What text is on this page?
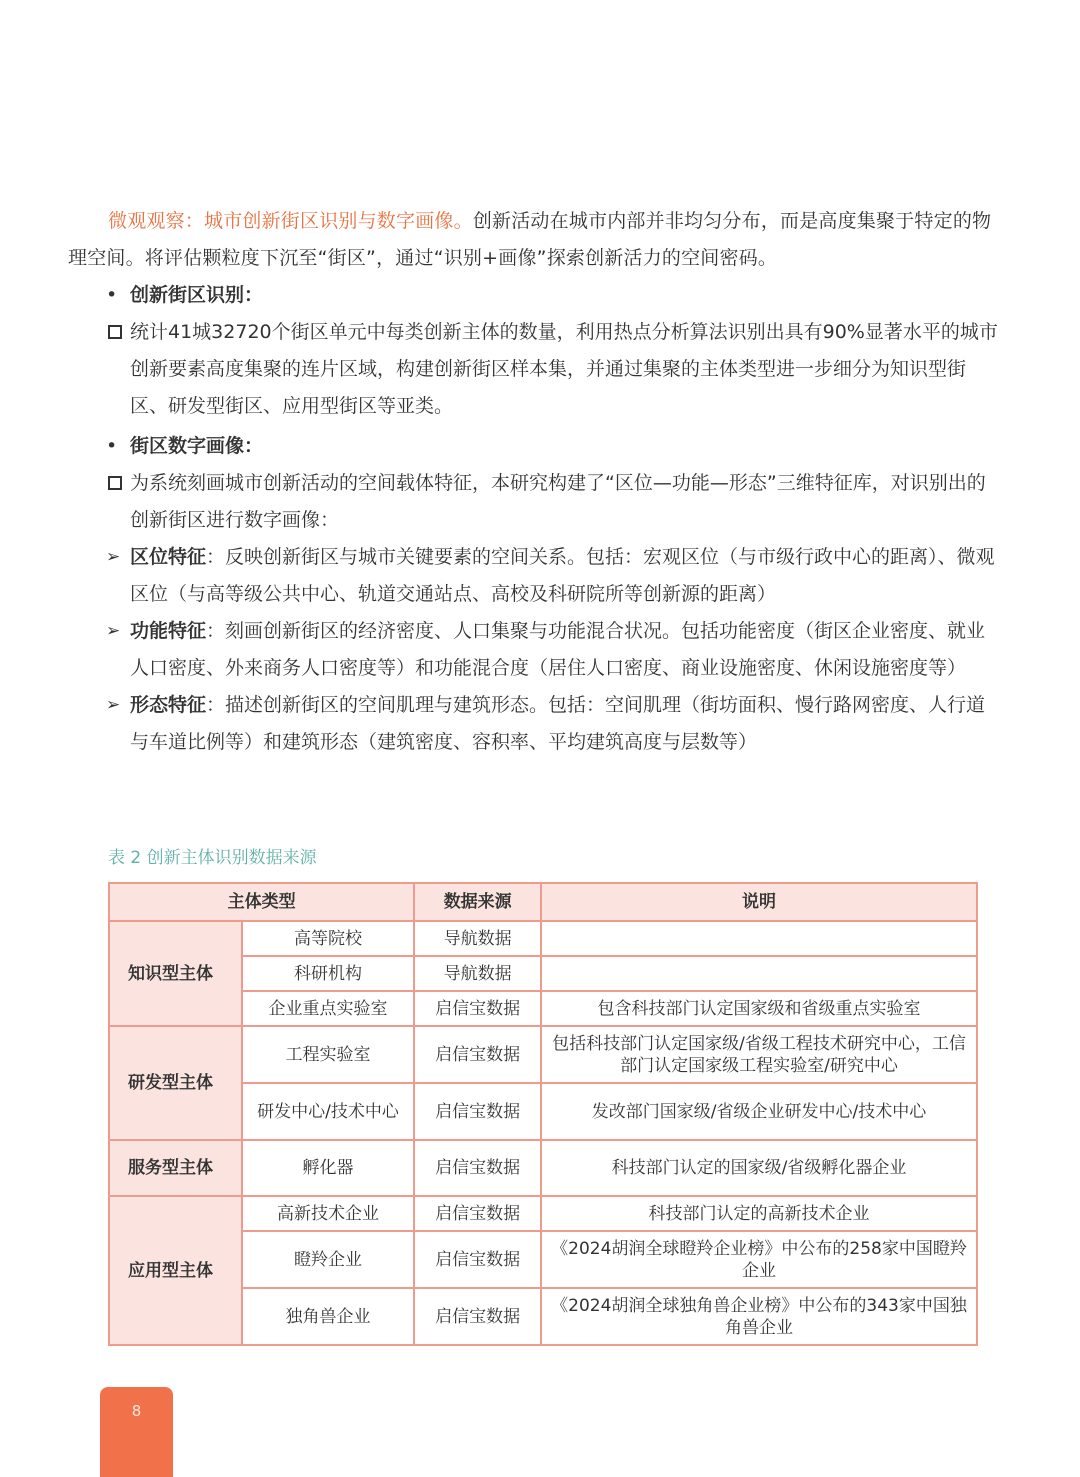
微观观察：城市创新街区识别与数字画像。创新活动在城市内部并非均匀分布，而是高度集聚于特定的物理空间。将评估颗粒度下沉至“街区”，通过“识别+画像”探索创新活力的空间密码。

• 创新街区识别：

统计41城32720个街区单元中每类创新主体的数量，利用热点分析算法识别出具有90%显著水平的城市创新要素高度集聚的连片区域，构建创新街区样本集，并通过集聚的主体类型进一步细分为知识型街区、研发型街区、应用型街区等亚类。

• 街区数字画像：

为系统刻画城市创新活动的空间载体特征，本研究构建了“区位—功能—形态”三维特征库，对识别出的创新街区进行数字画像：

➢ 区位特征：反映创新街区与城市关键要素的空间关系。包括：宏观区位（与市级行政中心的距离）、微观区位（与高等级公共中心、轨道交通站点、高校及科研院所等创新源的距离）

➢ 功能特征：刻画创新街区的经济密度、人口集聚与功能混合状况。包括功能密度（街区企业密度、就业人口密度、外来商务人口密度等）和功能混合度（居住人口密度、商业设施密度、休闲设施密度等）

➢ 形态特征：描述创新街区的空间肌理与建筑形态。包括：空间肌理（街坊面积、慢行路网密度、人行道与车道比例等）和建筑形态（建筑密度、容积率、平均建筑高度与层数等）

表 2 创新主体识别数据来源
主体类型		数据来源	说明
知识型主体	高等院校	导航数据	
	科研机构	导航数据	
	企业重点实验室	启信宝数据	包含科技部门认定国家级和省级重点实验室
研发型主体	工程实验室	启信宝数据	包括科技部门认定国家级/省级工程技术研究中心，工信部门认定国家级工程实验室/研究中心
	研发中心/技术中心	启信宝数据	发改部门国家级/省级企业研发中心/技术中心
服务型主体	孵化器	启信宝数据	科技部门认定的国家级/省级孵化器企业
应用型主体	高新技术企业	启信宝数据	科技部门认定的高新技术企业
	瞪羚企业	启信宝数据	《2024胡润全球瞪羚企业榜》中公布的258家中国瞪羚企业
	独角兽企业	启信宝数据	《2024胡润全球独角兽企业榜》中公布的343家中国独角兽企业
8
